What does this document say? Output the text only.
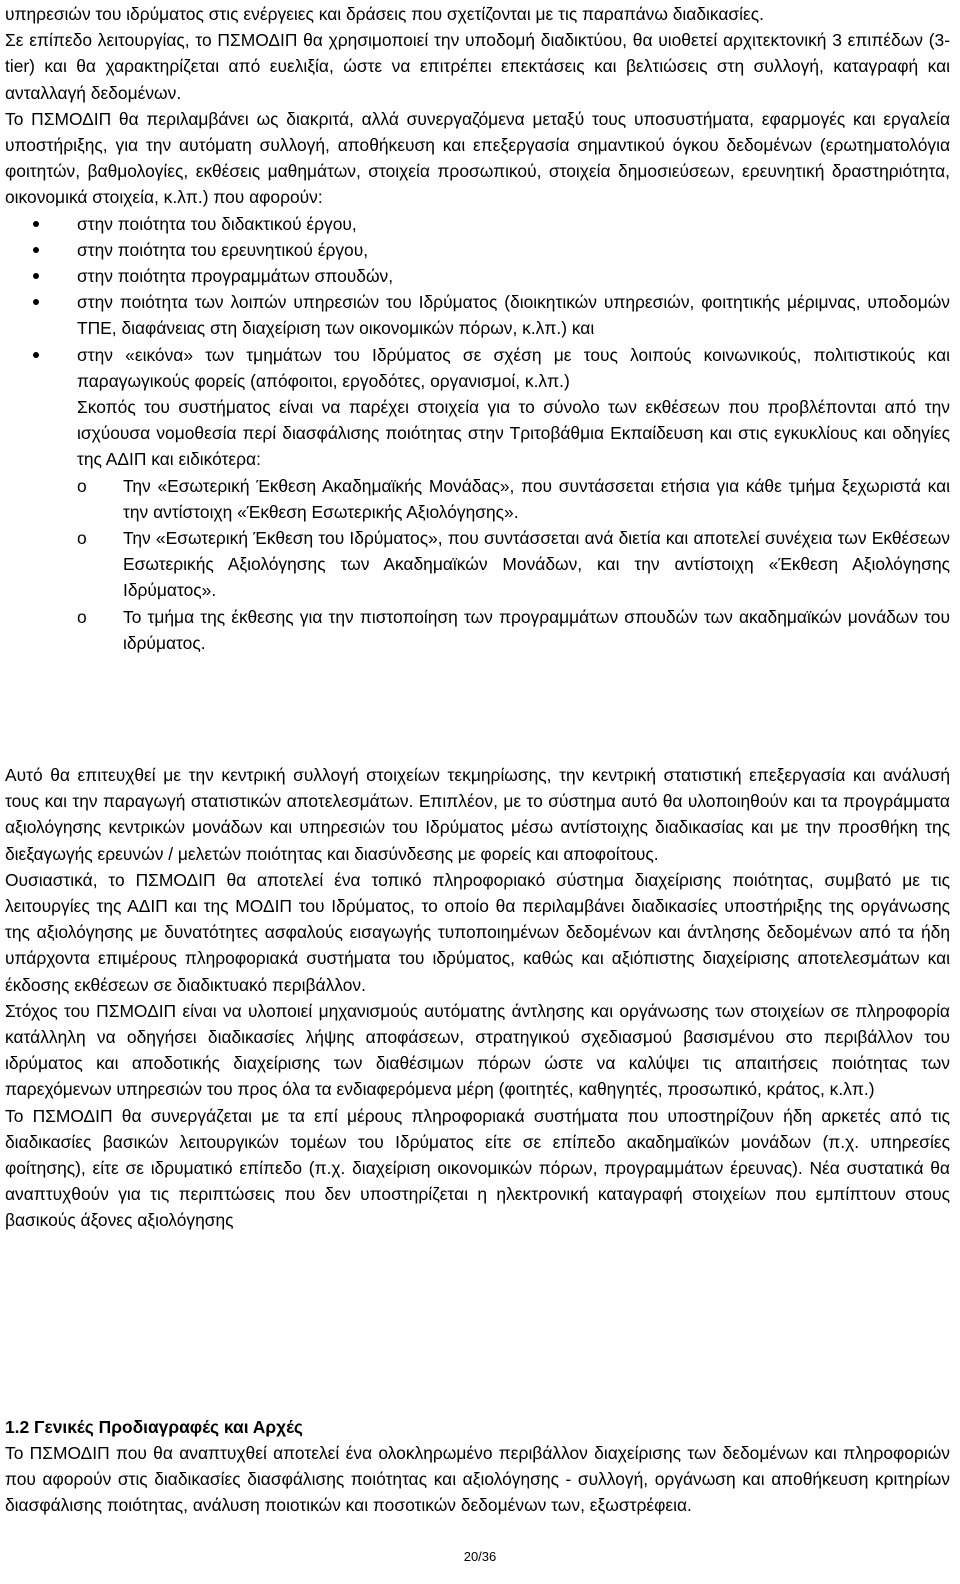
υπηρεσιών του ιδρύματος στις ενέργειες και δράσεις που σχετίζονται με τις παραπάνω διαδικασίες.

Σε επίπεδο λειτουργίας, το ΠΣΜΟΔΙΠ θα χρησιμοποιεί την υποδομή διαδικτύου, θα υιοθετεί αρχιτεκτονική 3 επιπέδων (3-tier) και θα χαρακτηρίζεται από ευελιξία, ώστε να επιτρέπει επεκτάσεις και βελτιώσεις στη συλλογή, καταγραφή και ανταλλαγή δεδομένων.

Το ΠΣΜΟΔΙΠ θα περιλαμβάνει ως διακριτά, αλλά συνεργαζόμενα μεταξύ τους υποσυστήματα, εφαρμογές και εργαλεία υποστήριξης, για την αυτόματη συλλογή, αποθήκευση και επεξεργασία σημαντικού όγκου δεδομένων (ερωτηματολόγια φοιτητών, βαθμολογίες, εκθέσεις μαθημάτων, στοιχεία προσωπικού, στοιχεία δημοσιεύσεων, ερευνητική δραστηριότητα, οικονομικά στοιχεία, κ.λπ.) που αφορούν:

στην ποιότητα του διδακτικού έργου,
στην ποιότητα του ερευνητικού έργου,
στην ποιότητα προγραμμάτων σπουδών,
στην ποιότητα των λοιπών υπηρεσιών του Ιδρύματος (διοικητικών υπηρεσιών, φοιτητικής μέριμνας, υποδομών ΤΠΕ, διαφάνειας στη διαχείριση των οικονομικών πόρων, κ.λπ.) και
στην «εικόνα» των τμημάτων του Ιδρύματος σε σχέση με τους λοιπούς κοινωνικούς, πολιτιστικούς και παραγωγικούς φορείς (απόφοιτοι, εργοδότες, οργανισμοί, κ.λπ.)

Σκοπός του συστήματος είναι να παρέχει στοιχεία για το σύνολο των εκθέσεων που προβλέπονται από την ισχύουσα νομοθεσία περί διασφάλισης ποιότητας στην Τριτοβάθμια Εκπαίδευση και στις εγκυκλίους και οδηγίες της ΑΔΙΠ και ειδικότερα:

o Την «Εσωτερική Έκθεση Ακαδημαϊκής Μονάδας», που συντάσσεται ετήσια για κάθε τμήμα ξεχωριστά και την αντίστοιχη «Έκθεση Εσωτερικής Αξιολόγησης».
o Την «Εσωτερική Έκθεση του Ιδρύματος», που συντάσσεται ανά διετία και αποτελεί συνέχεια των Εκθέσεων Εσωτερικής Αξιολόγησης των Ακαδημαϊκών Μονάδων, και την αντίστοιχη «Έκθεση Αξιολόγησης Ιδρύματος».
o Το τμήμα της έκθεσης για την πιστοποίηση των προγραμμάτων σπουδών των ακαδημαϊκών μονάδων του ιδρύματος.

Αυτό θα επιτευχθεί με την κεντρική συλλογή στοιχείων τεκμηρίωσης, την κεντρική στατιστική επεξεργασία και ανάλυσή τους και την παραγωγή στατιστικών αποτελεσμάτων. Επιπλέον, με το σύστημα αυτό θα υλοποιηθούν και τα προγράμματα αξιολόγησης κεντρικών μονάδων και υπηρεσιών του Ιδρύματος μέσω αντίστοιχης διαδικασίας και με την προσθήκη της διεξαγωγής ερευνών / μελετών ποιότητας και διασύνδεσης με φορείς και αποφοίτους.

Ουσιαστικά, το ΠΣΜΟΔΙΠ θα αποτελεί ένα τοπικό πληροφοριακό σύστημα διαχείρισης ποιότητας, συμβατό με τις λειτουργίες της ΑΔΙΠ και της ΜΟΔΙΠ του Ιδρύματος, το οποίο θα περιλαμβάνει διαδικασίες υποστήριξης της οργάνωσης της αξιολόγησης με δυνατότητες ασφαλούς εισαγωγής τυποποιημένων δεδομένων και άντλησης δεδομένων από τα ήδη υπάρχοντα επιμέρους πληροφοριακά συστήματα του ιδρύματος, καθώς και αξιόπιστης διαχείρισης αποτελεσμάτων και έκδοσης εκθέσεων σε διαδικτυακό περιβάλλον.

Στόχος του ΠΣΜΟΔΙΠ είναι να υλοποιεί μηχανισμούς αυτόματης άντλησης και οργάνωσης των στοιχείων σε πληροφορία κατάλληλη να οδηγήσει διαδικασίες λήψης αποφάσεων, στρατηγικού σχεδιασμού βασισμένου στο περιβάλλον του ιδρύματος και αποδοτικής διαχείρισης των διαθέσιμων πόρων ώστε να καλύψει τις απαιτήσεις ποιότητας των παρεχόμενων υπηρεσιών του προς όλα τα ενδιαφερόμενα μέρη (φοιτητές, καθηγητές, προσωπικό, κράτος, κ.λπ.)

Το ΠΣΜΟΔΙΠ θα συνεργάζεται με τα επί μέρους πληροφοριακά συστήματα που υποστηρίζουν ήδη αρκετές από τις διαδικασίες βασικών λειτουργικών τομέων του Ιδρύματος είτε σε επίπεδο ακαδημαϊκών μονάδων (π.χ. υπηρεσίες φοίτησης), είτε σε ιδρυματικό επίπεδο (π.χ. διαχείριση οικονομικών πόρων, προγραμμάτων έρευνας). Νέα συστατικά θα αναπτυχθούν για τις περιπτώσεις που δεν υποστηρίζεται η ηλεκτρονική καταγραφή στοιχείων που εμπίπτουν στους βασικούς άξονες αξιολόγησης

1.2 Γενικές Προδιαγραφές και Αρχές

Το ΠΣΜΟΔΙΠ που θα αναπτυχθεί αποτελεί ένα ολοκληρωμένο περιβάλλον διαχείρισης των δεδομένων και πληροφοριών που αφορούν στις διαδικασίες διασφάλισης ποιότητας και αξιολόγησης - συλλογή, οργάνωση και αποθήκευση κριτηρίων διασφάλισης ποιότητας, ανάλυση ποιοτικών και ποσοτικών δεδομένων των, εξωστρέφεια.

20/36
